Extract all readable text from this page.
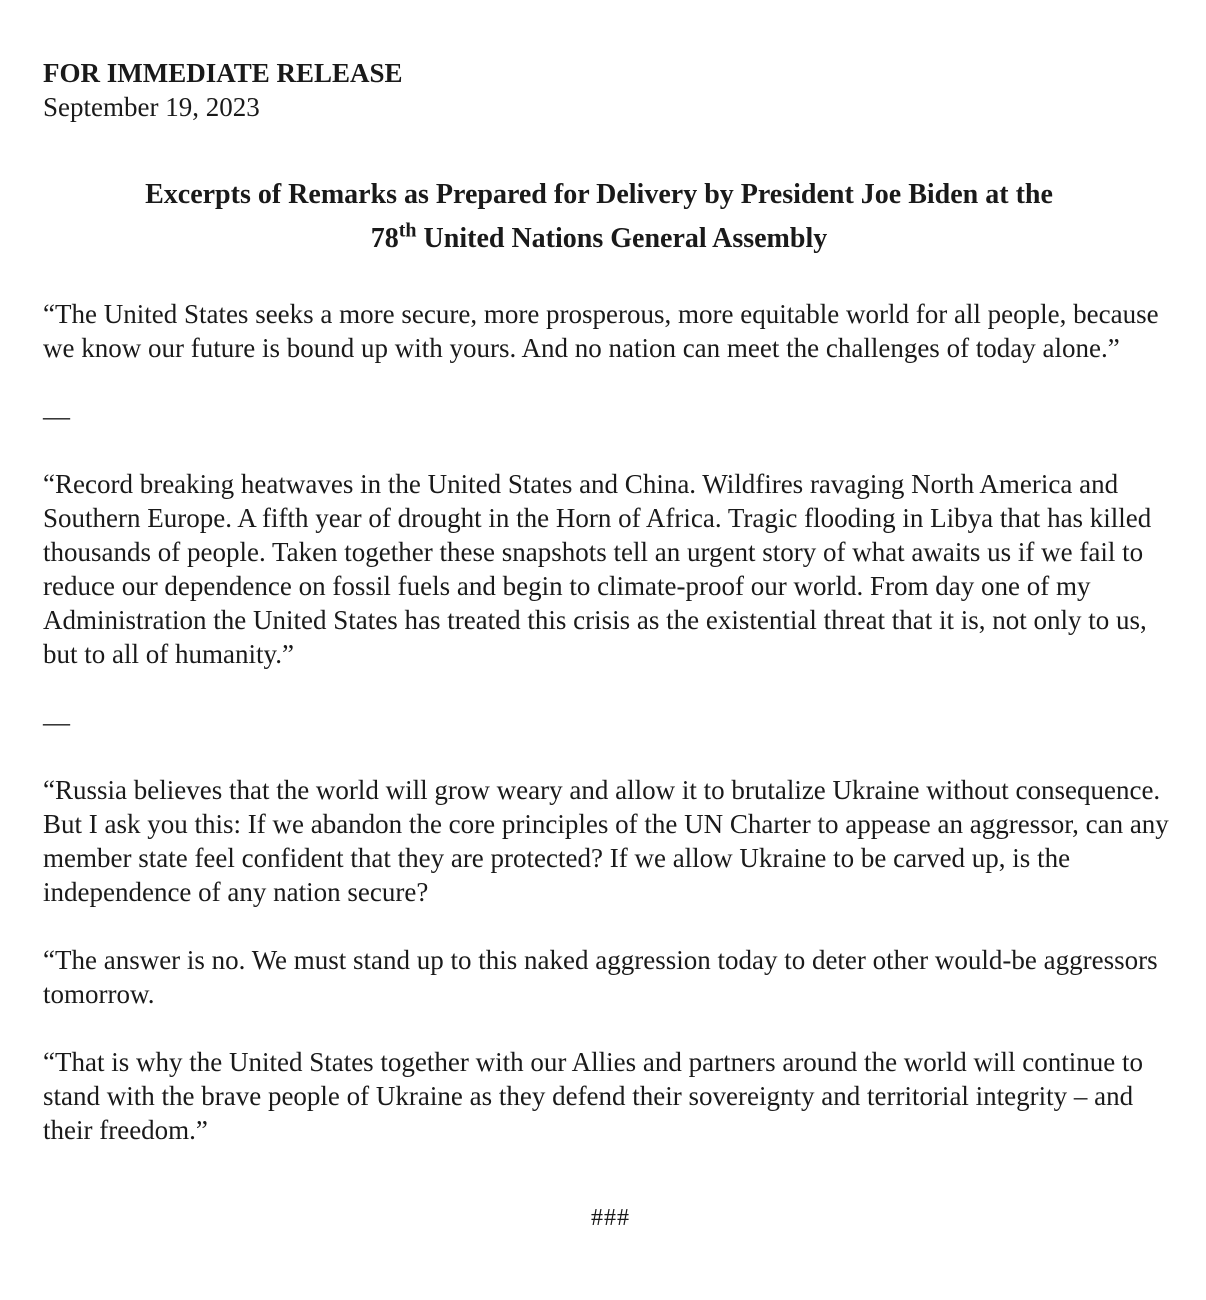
FOR IMMEDIATE RELEASE

September 19, 2023

Excerpts of Remarks as Prepared for Delivery by President Joe Biden at the
78th United Nations General Assembly

“The United States seeks a more secure, more prosperous, more equitable world for all people, because we know our future is bound up with yours. And no nation can meet the challenges of today alone.”

—

“Record breaking heatwaves in the United States and China. Wildfires ravaging North America and Southern Europe. A fifth year of drought in the Horn of Africa. Tragic flooding in Libya that has killed thousands of people. Taken together these snapshots tell an urgent story of what awaits us if we fail to reduce our dependence on fossil fuels and begin to climate-proof our world. From day one of my Administration the United States has treated this crisis as the existential threat that it is, not only to us, but to all of humanity.”

—

“Russia believes that the world will grow weary and allow it to brutalize Ukraine without consequence. But I ask you this: If we abandon the core principles of the UN Charter to appease an aggressor, can any member state feel confident that they are protected? If we allow Ukraine to be carved up, is the independence of any nation secure?

“The answer is no. We must stand up to this naked aggression today to deter other would-be aggressors tomorrow.

“That is why the United States together with our Allies and partners around the world will continue to stand with the brave people of Ukraine as they defend their sovereignty and territorial integrity – and their freedom.”

###
